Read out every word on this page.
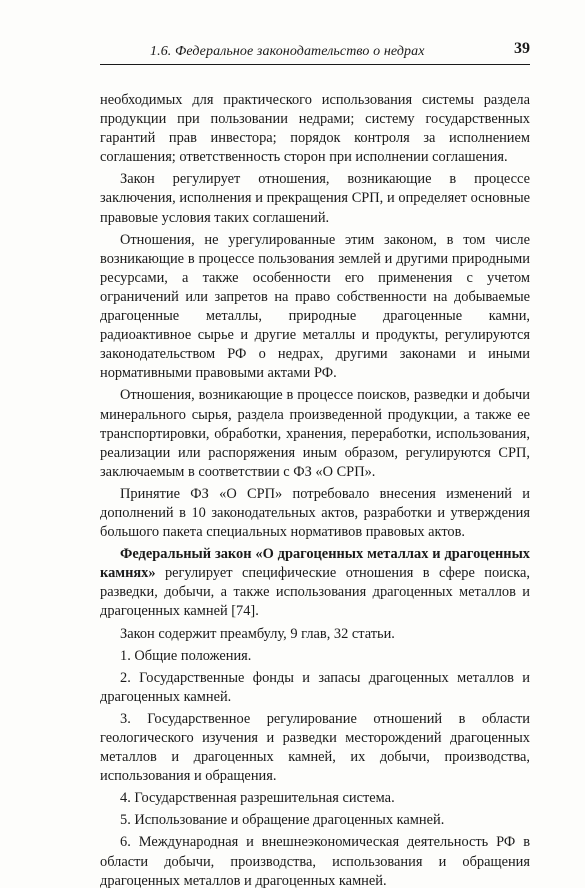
1.6. Федеральное законодательство о недрах	39

необходимых для практического использования системы раздела продукции при пользовании недрами; систему государственных гарантий прав инвестора; порядок контроля за исполнением соглашения; ответственность сторон при исполнении соглашения.

Закон регулирует отношения, возникающие в процессе заключения, исполнения и прекращения СРП, и определяет основные правовые условия таких соглашений.

Отношения, не урегулированные этим законом, в том числе возникающие в процессе пользования землей и другими природными ресурсами, а также особенности его применения с учетом ограничений или запретов на право собственности на добываемые драгоценные металлы, природные драгоценные камни, радиоактивное сырье и другие металлы и продукты, регулируются законодательством РФ о недрах, другими законами и иными нормативными правовыми актами РФ.

Отношения, возникающие в процессе поисков, разведки и добычи минерального сырья, раздела произведенной продукции, а также ее транспортировки, обработки, хранения, переработки, использования, реализации или распоряжения иным образом, регулируются СРП, заключаемым в соответствии с ФЗ «О СРП».

Принятие ФЗ «О СРП» потребовало внесения изменений и дополнений в 10 законодательных актов, разработки и утверждения большого пакета специальных нормативов правовых актов.

Федеральный закон «О драгоценных металлах и драгоценных камнях» регулирует специфические отношения в сфере поиска, разведки, добычи, а также использования драгоценных металлов и драгоценных камней [74].

Закон содержит преамбулу, 9 глав, 32 статьи.

1. Общие положения.

2. Государственные фонды и запасы драгоценных металлов и драгоценных камней.

3. Государственное регулирование отношений в области геологического изучения и разведки месторождений драгоценных металлов и драгоценных камней, их добычи, производства, использования и обращения.

4. Государственная разрешительная система.

5. Использование и обращение драгоценных камней.

6. Международная и внешнеэкономическая деятельность РФ в области добычи, производства, использования и обращения драгоценных металлов и драгоценных камней.
